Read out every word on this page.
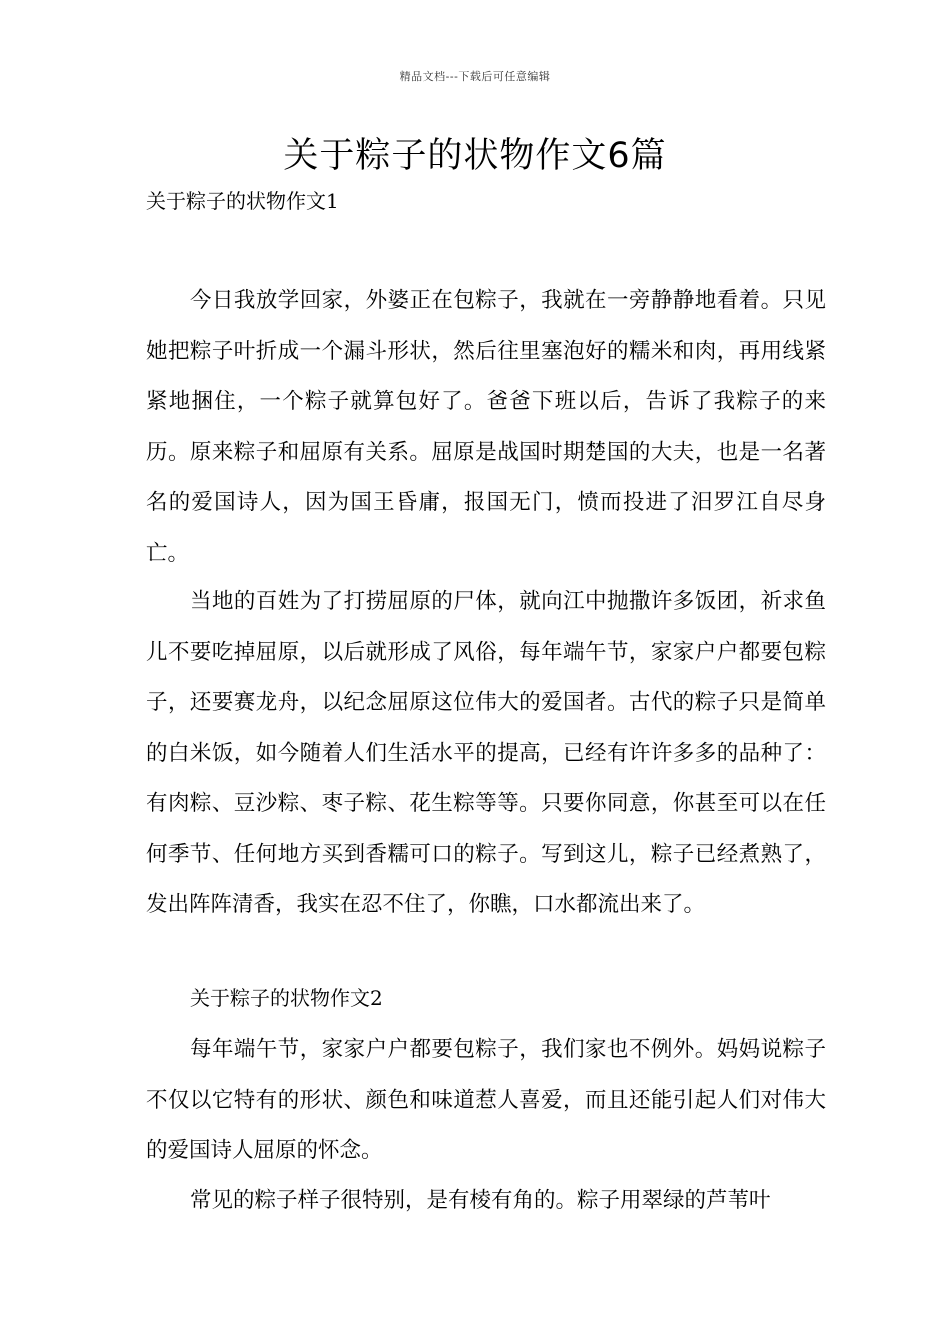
精品文档---下载后可任意编辑
关于粽子的状物作文6篇
关于粽子的状物作文1

今日我放学回家，外婆正在包粽子，我就在一旁静静地看着。只见她把粽子叶折成一个漏斗形状，然后往里塞泡好的糯米和肉，再用线紧紧地捆住，一个粽子就算包好了。爸爸下班以后，告诉了我粽子的来历。原来粽子和屈原有关系。屈原是战国时期楚国的大夫，也是一名著名的爱国诗人，因为国王昏庸，报国无门，愤而投进了汨罗江自尽身亡。

当地的百姓为了打捞屈原的尸体，就向江中抛撒许多饭团，祈求鱼儿不要吃掉屈原，以后就形成了风俗，每年端午节，家家户户都要包粽子，还要赛龙舟，以纪念屈原这位伟大的爱国者。古代的粽子只是简单的白米饭，如今随着人们生活水平的提高，已经有许许多多的品种了：有肉粽、豆沙粽、枣子粽、花生粽等等。只要你同意，你甚至可以在任何季节、任何地方买到香糯可口的粽子。写到这儿，粽子已经煮熟了，发出阵阵清香，我实在忍不住了，你瞧，口水都流出来了。

关于粽子的状物作文2

每年端午节，家家户户都要包粽子，我们家也不例外。妈妈说粽子不仅以它特有的形状、颜色和味道惹人喜爱，而且还能引起人们对伟大的爱国诗人屈原的怀念。

常见的粽子样子很特别，是有棱有角的。粽子用翠绿的芦苇叶
